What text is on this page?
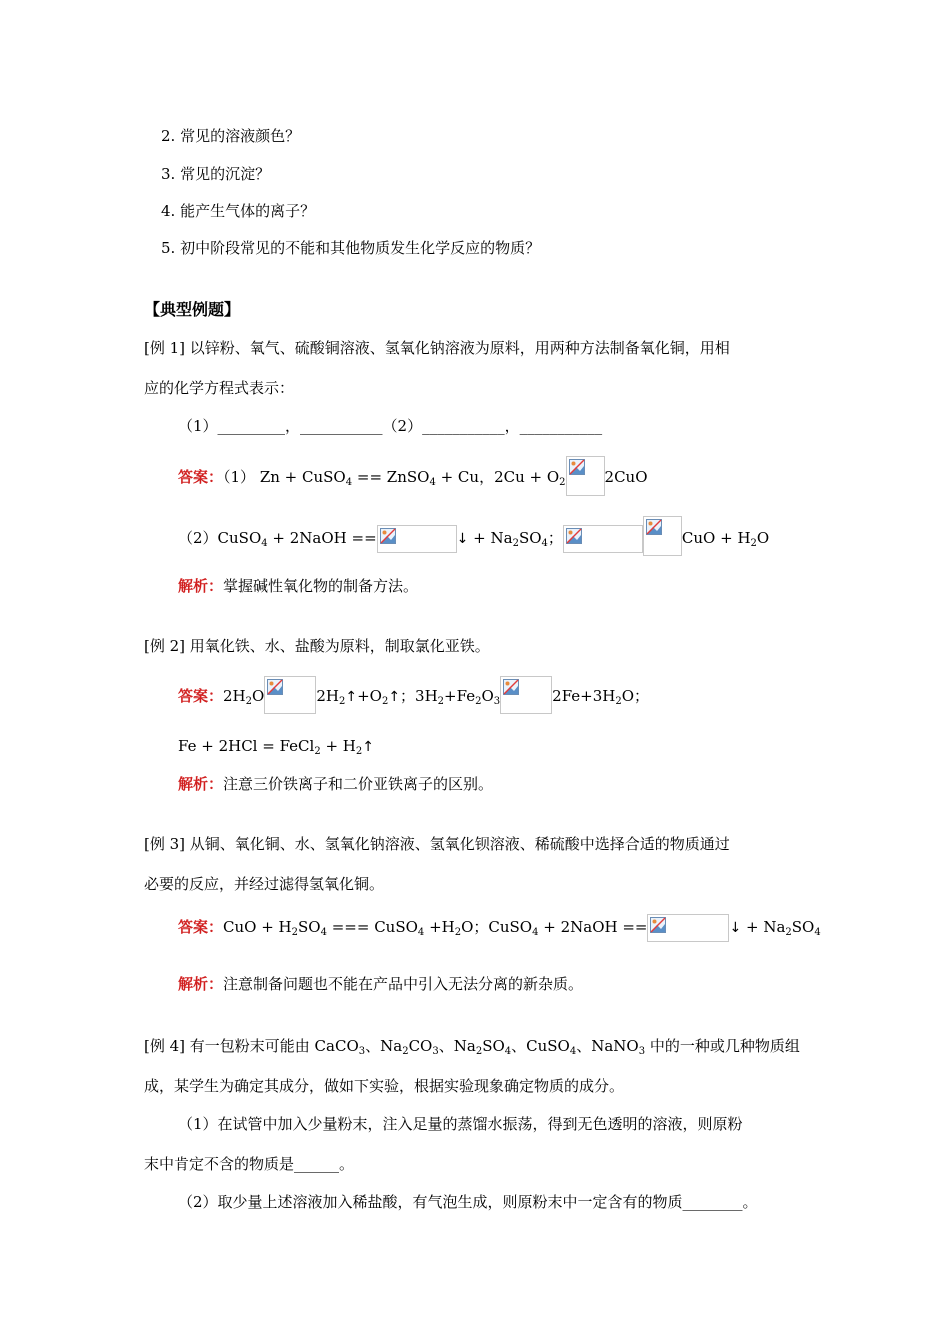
2. 常见的溶液颜色？
3. 常见的沉淀？
4. 能产生气体的离子？
5. 初中阶段常见的不能和其他物质发生化学反应的物质？
【典型例题】
[例 1] 以锌粉、氧气、硫酸铜溶液、氢氧化钠溶液为原料，用两种方法制备氧化铜，用相
应的化学方程式表示：
（1）_________，___________（2）___________，___________
答案：（1） Zn + CuSO$_4$ == ZnSO$_4$ + Cu，$2Cu + O_2$	2CuO
（2）CuSO$_4$ + 2NaOH ==	↓ + $Na_2SO_4$；	CuO + $H_2O$
解析：掌握碱性氧化物的制备方法。
[例 2] 用氧化铁、水、盐酸为原料，制取氯化亚铁。
答案：$2H_2O$	$2H_2↑+O_2↑$；$3H_2+Fe_2O_3$	$2Fe+3H_2O$；
Fe + 2HCl = FeCl$_2$ + $H_2↑$
解析：注意三价铁离子和二价亚铁离子的区别。
[例 3] 从铜、氧化铜、水、氢氧化钠溶液、氢氧化钡溶液、稀硫酸中选择合适的物质通过
必要的反应，并经过滤得氢氧化铜。
答案：CuO + $H_2SO_4$ === CuSO$_4$ $+H_2O$；CuSO$_4$ + 2NaOH ==	↓ + $Na_2SO_4$
解析：注意制备问题也不能在产品中引入无法分离的新杂质。
[例 4] 有一包粉末可能由 CaCO$_3$、$Na_2CO_3$、$Na_2SO_4$、CuSO$_4$、NaNO$_3$ 中的一种或几种物质组
成，某学生为确定其成分，做如下实验，根据实验现象确定物质的成分。
（1）在试管中加入少量粉末，注入足量的蒸馏水振荡，得到无色透明的溶液，则原粉
末中肯定不含的物质是______。
（2）取少量上述溶液加入稀盐酸，有气泡生成，则原粉末中一定含有的物质________。
